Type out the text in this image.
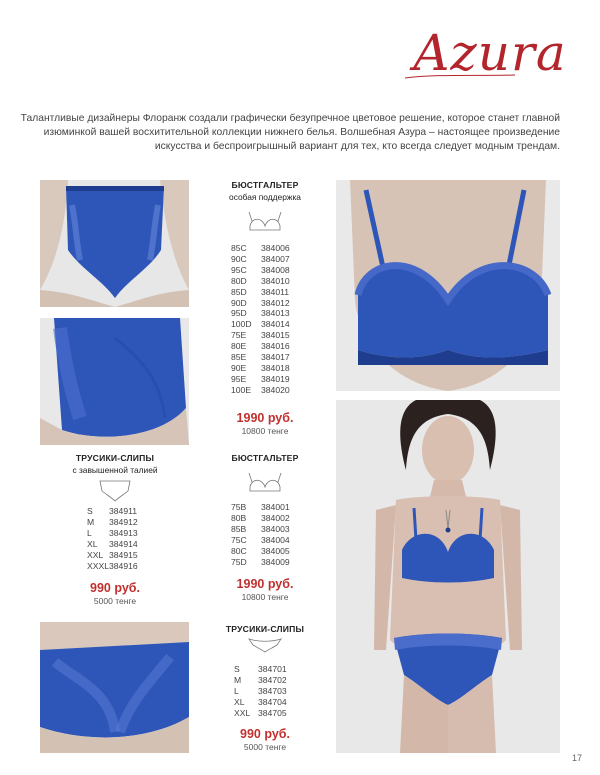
Azura
Талантливые дизайнеры Флоранж создали графически безупречное цветовое решение, которое станет главной
изюминкой вашей восхитительной коллекции нижнего белья. Волшебная Азура – настоящее произведение
искусства и беспроигрышный вариант для тех, кто всегда следует модным трендам.
БЮСТГАЛЬТЕР
особая поддержка
85C	384006
90C	384007
95C	384008
80D	384010
85D	384011
90D	384012
95D	384013
100D	384014
75E	384015
80E	384016
85E	384017
90E	384018
95E	384019
100E	384020
1990 руб.
10800 тенге
БЮСТГАЛЬТЕР
75B	384001
80B	384002
85B	384003
75C	384004
80C	384005
75D	384009
1990 руб.
10800 тенге
ТРУСИКИ-СЛИПЫ
с завышенной талией
S	384911
M	384912
L	384913
XL	384914
XXL 384915
XXXL 384916
990 руб.
5000 тенге
ТРУСИКИ-СЛИПЫ
S	384701
M	384702
L	384703
XL	384704
XXL 384705
990 руб.
5000 тенге
17
